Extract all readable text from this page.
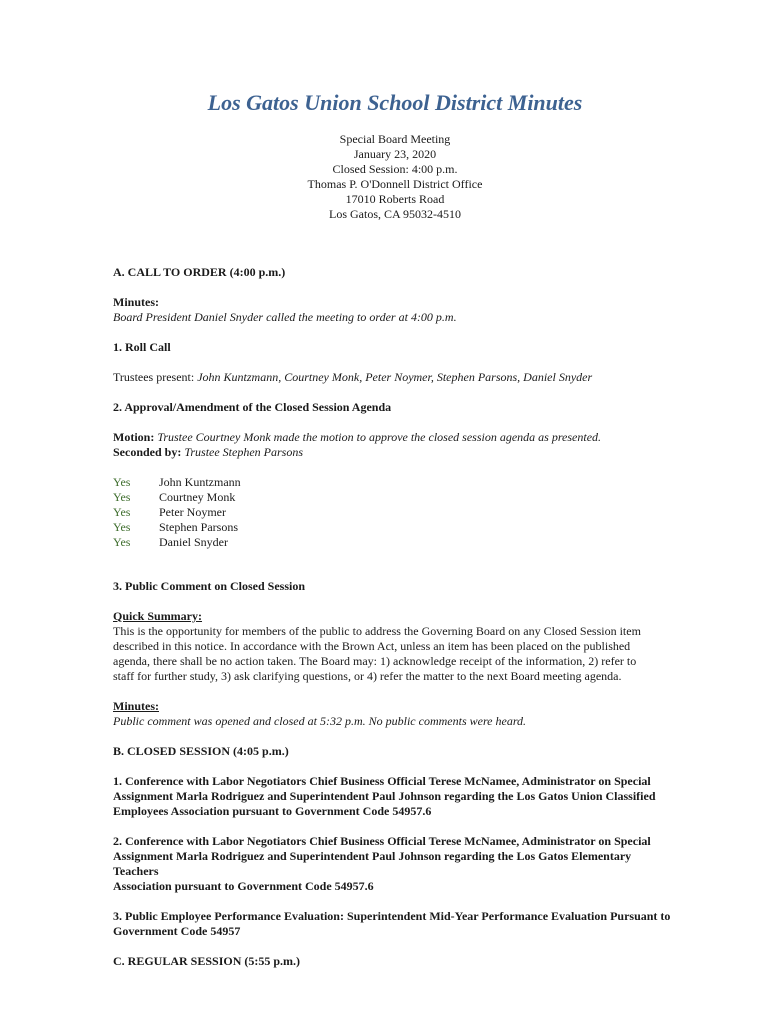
Los Gatos Union School District Minutes
Special Board Meeting
January 23, 2020
Closed Session: 4:00 p.m.
Thomas P. O'Donnell District Office
17010 Roberts Road
Los Gatos, CA 95032-4510

A. CALL TO ORDER (4:00 p.m.)

Minutes:

Board President Daniel Snyder called the meeting to order at 4:00 p.m.

1. Roll Call

Trustees present: John Kuntzmann, Courtney Monk, Peter Noymer, Stephen Parsons, Daniel Snyder

2. Approval/Amendment of the Closed Session Agenda

Motion: Trustee Courtney Monk made the motion to approve the closed session agenda as presented.

Seconded by: Trustee Stephen Parsons

Yes	John Kuntzmann
Yes	Courtney Monk
Yes	Peter Noymer
Yes	Stephen Parsons
Yes	Daniel Snyder

3. Public Comment on Closed Session

Quick Summary:

This is the opportunity for members of the public to address the Governing Board on any Closed Session item
described in this notice. In accordance with the Brown Act, unless an item has been placed on the published
agenda, there shall be no action taken. The Board may: 1) acknowledge receipt of the information, 2) refer to
staff for further study, 3) ask clarifying questions, or 4) refer the matter to the next Board meeting agenda.

Minutes:

Public comment was opened and closed at 5:32 p.m. No public comments were heard.

B. CLOSED SESSION (4:05 p.m.)

1. Conference with Labor Negotiators Chief Business Official Terese McNamee, Administrator on Special
Assignment Marla Rodriguez and Superintendent Paul Johnson regarding the Los Gatos Union Classified
Employees Association pursuant to Government Code 54957.6
2. Conference with Labor Negotiators Chief Business Official Terese McNamee, Administrator on Special
Assignment Marla Rodriguez and Superintendent Paul Johnson regarding the Los Gatos Elementary Teachers
Association pursuant to Government Code 54957.6
3. Public Employee Performance Evaluation: Superintendent Mid-Year Performance Evaluation Pursuant to
Government Code 54957

C. REGULAR SESSION (5:55 p.m.)
